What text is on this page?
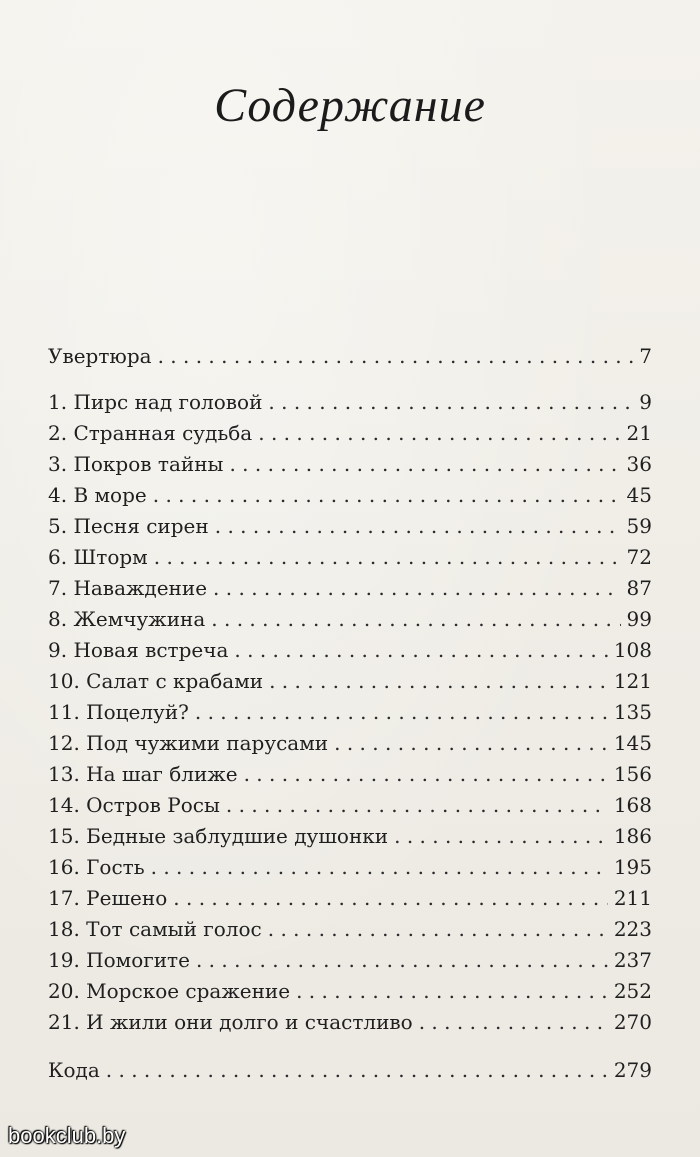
Содержание
Увертюра . . .	7
1. Пирс над головой . . .	9
2. Странная судьба . . .	21
3. Покров тайны . . .	36
4. В море . . .	45
5. Песня сирен . . .	59
6. Шторм . . .	72
7. Наваждение . . .	87
8. Жемчужина . . .	99
9. Новая встреча . . .	108
10. Салат с крабами . . .	121
11. Поцелуй? . . .	135
12. Под чужими парусами . . .	145
13. На шаг ближе . . .	156
14. Остров Росы . . .	168
15. Бедные заблудшие душонки . . .	186
16. Гость . . .	195
17. Решено . . .	211
18. Тот самый голос . . .	223
19. Помогите . . .	237
20. Морское сражение . . .	252
21. И жили они долго и счастливо . . .	270
Кода . . .	279
bookclub.by
